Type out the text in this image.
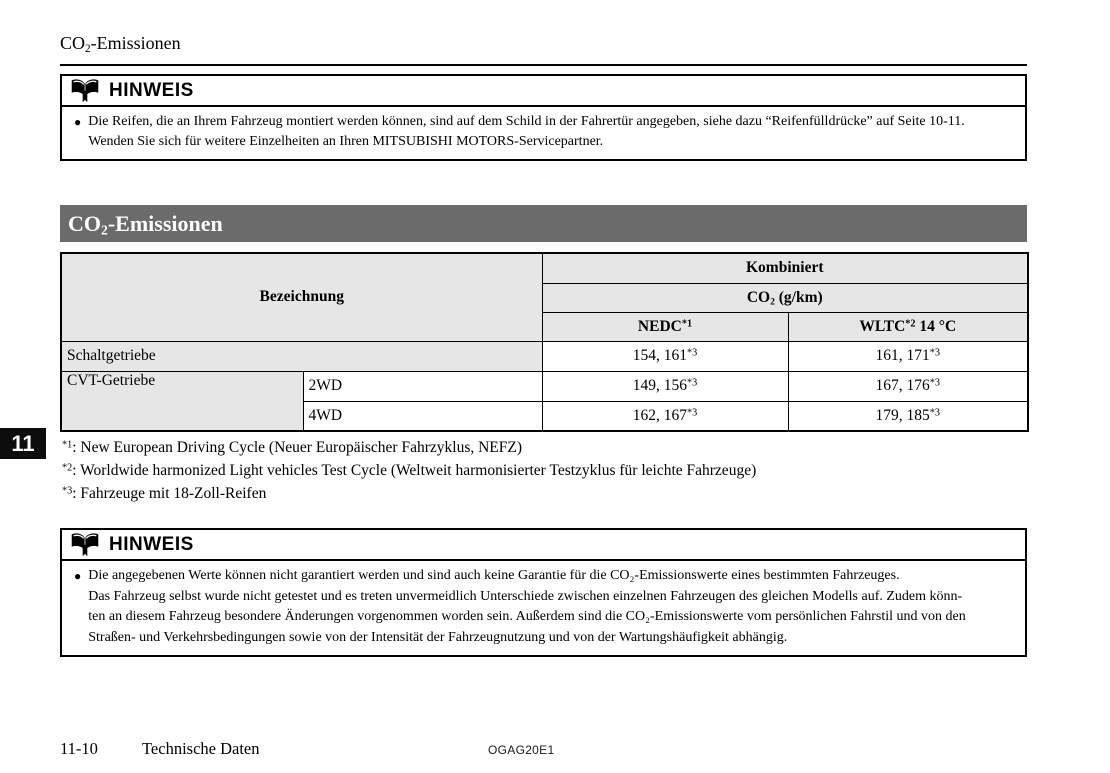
$CO_2$-Emissionen
HINWEIS
● Die Reifen, die an Ihrem Fahrzeug montiert werden können, sind auf dem Schild in der Fahrertür angegeben, siehe dazu “Reifenfülldrücke” auf Seite 10-11.
Wenden Sie sich für weitere Einzelheiten an Ihren MITSUBISHI MOTORS-Servicepartner.
$CO_2$-Emissionen
Bezeichnung		Kombiniert	
		$CO_2$ (g/km)	
		NEDC$^{*1}$	WLTC$^{*2}$ 14 °C
Schaltgetriebe		154, 161$^{*3}$	161, 171$^{*3}$
CVT-Getriebe	2WD	149, 156$^{*3}$	167, 176$^{*3}$
	4WD	162, 167$^{*3}$	179, 185$^{*3}$
$^{*1}$: New European Driving Cycle (Neuer Europäischer Fahrzyklus, NEFZ)
$^{*2}$: Worldwide harmonized Light vehicles Test Cycle (Weltweit harmonisierter Testzyklus für leichte Fahrzeuge)
$^{*3}$: Fahrzeuge mit 18-Zoll-Reifen
11
HINWEIS
● Die angegebenen Werte können nicht garantiert werden und sind auch keine Garantie für die CO₂-Emissionswerte eines bestimmten Fahrzeuges.
Das Fahrzeug selbst wurde nicht getestet und es treten unvermeidlich Unterschiede zwischen einzelnen Fahrzeugen des gleichen Modells auf. Zudem könn-
ten an diesem Fahrzeug besondere Änderungen vorgenommen worden sein. Außerdem sind die CO₂-Emissionswerte vom persönlichen Fahrstil und von den
Straßen- und Verkehrsbedingungen sowie von der Intensität der Fahrzeugnutzung und von der Wartungshäufigkeit abhängig.
11-10	Technische Daten	OGAG20E1
